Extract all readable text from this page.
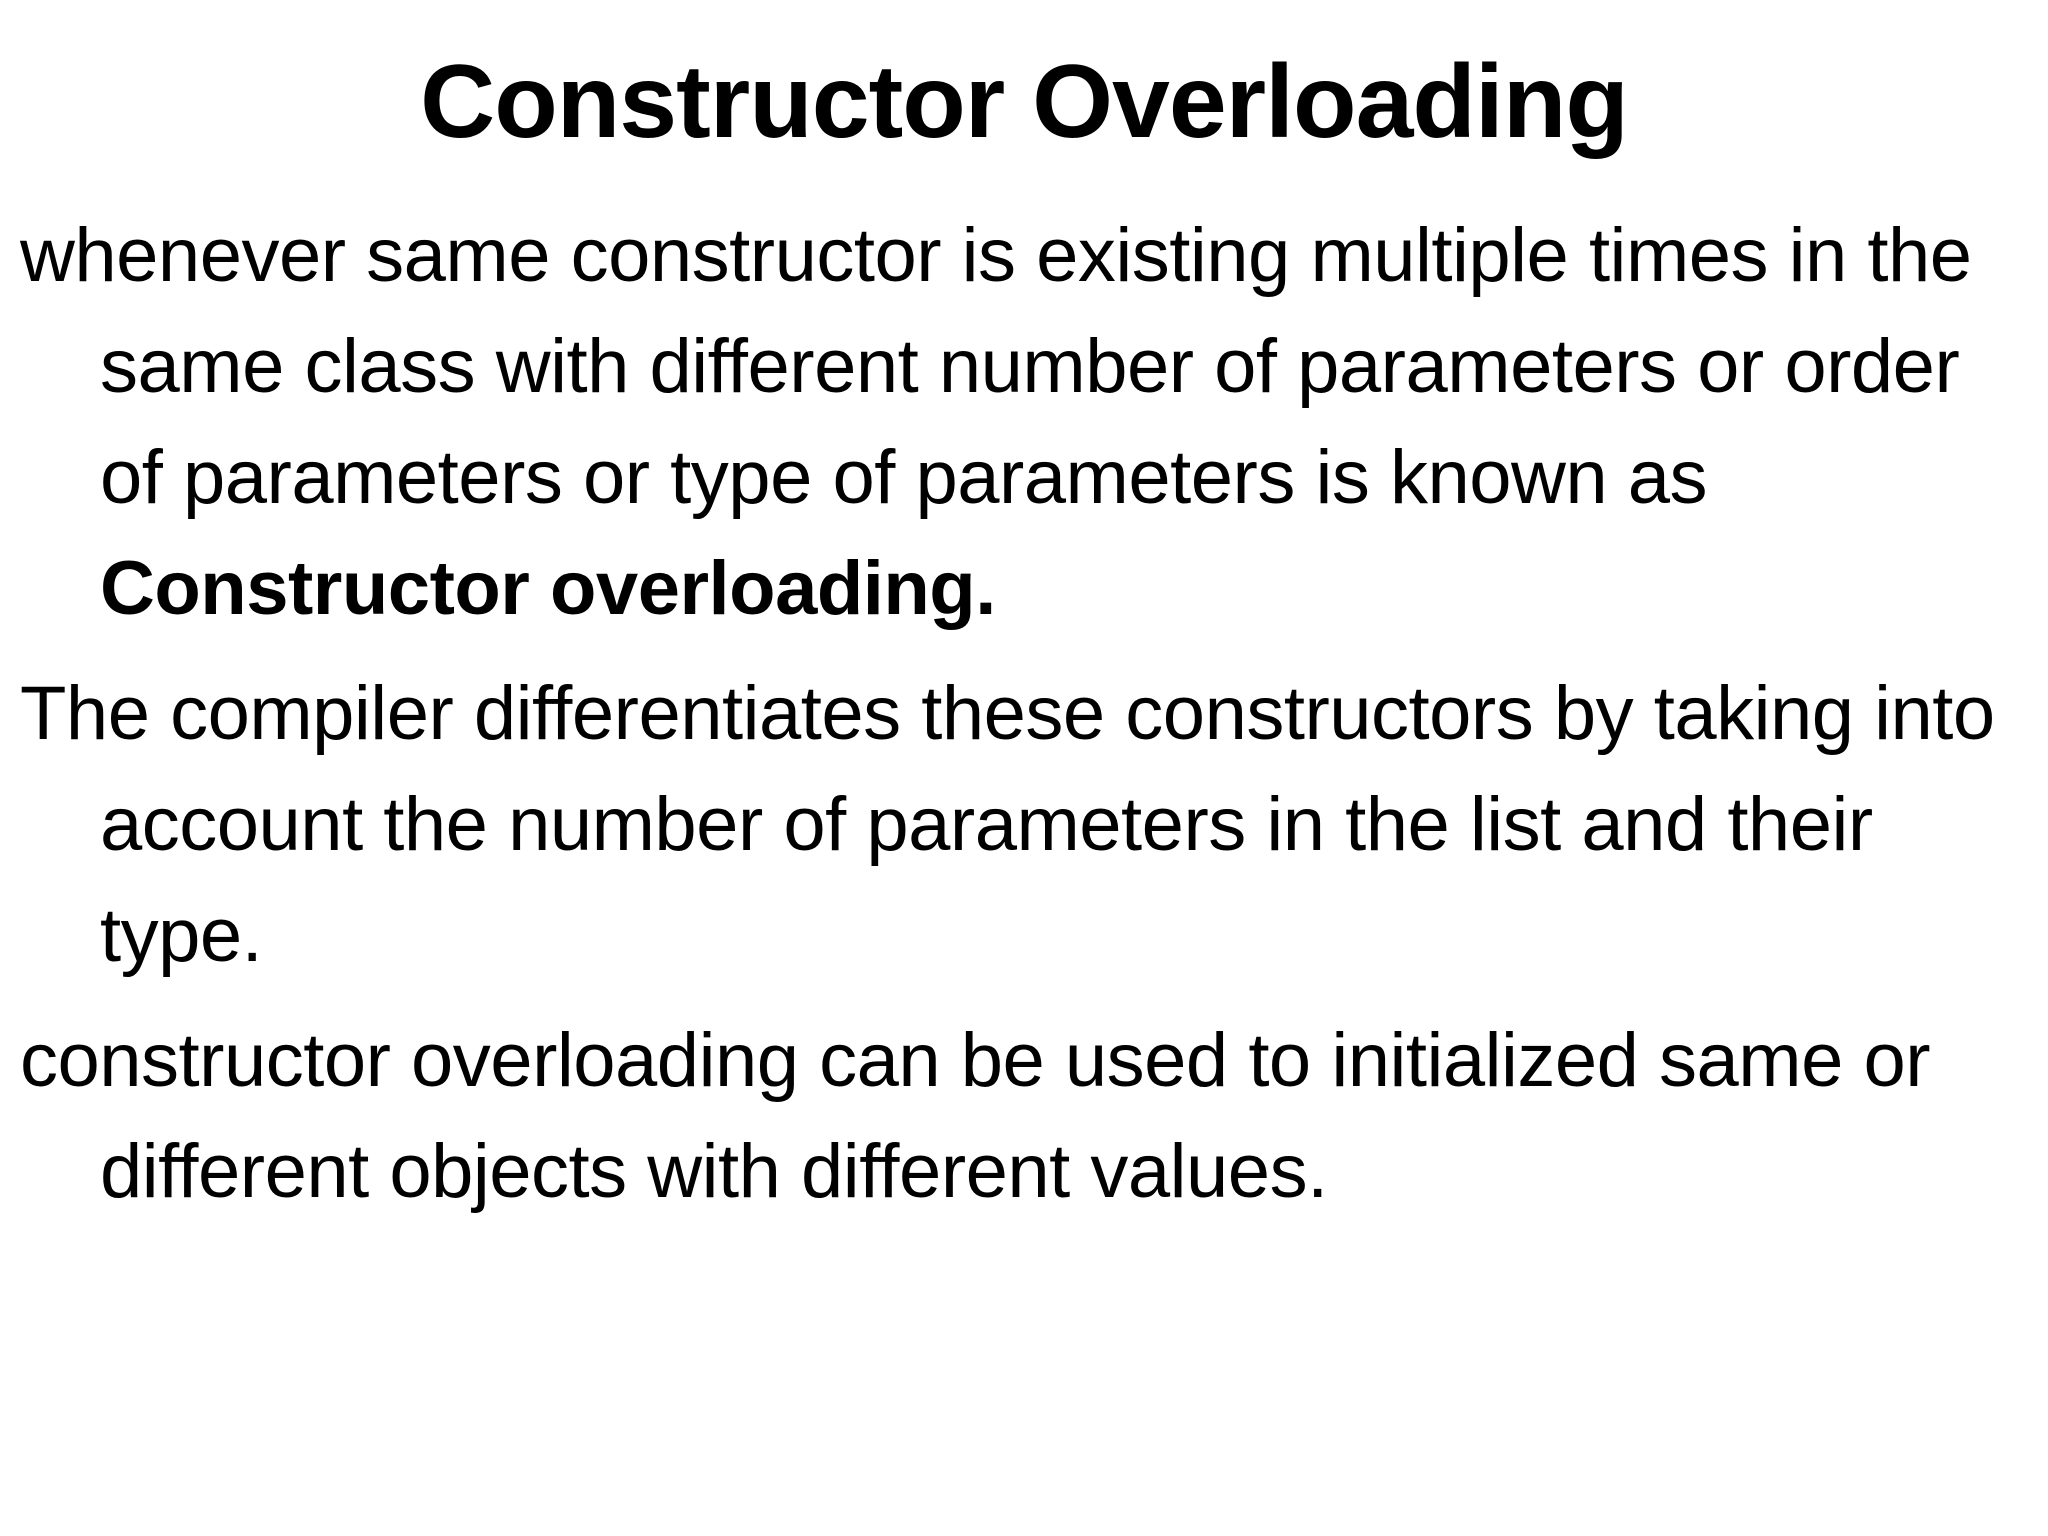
Constructor Overloading

whenever same constructor is existing multiple times in the same class with different number of parameters or order of parameters or type of parameters is known as Constructor overloading.

The compiler differentiates these constructors by taking into account the number of parameters in the list and their type.

constructor overloading can be used to initialized same or different objects with different values.
